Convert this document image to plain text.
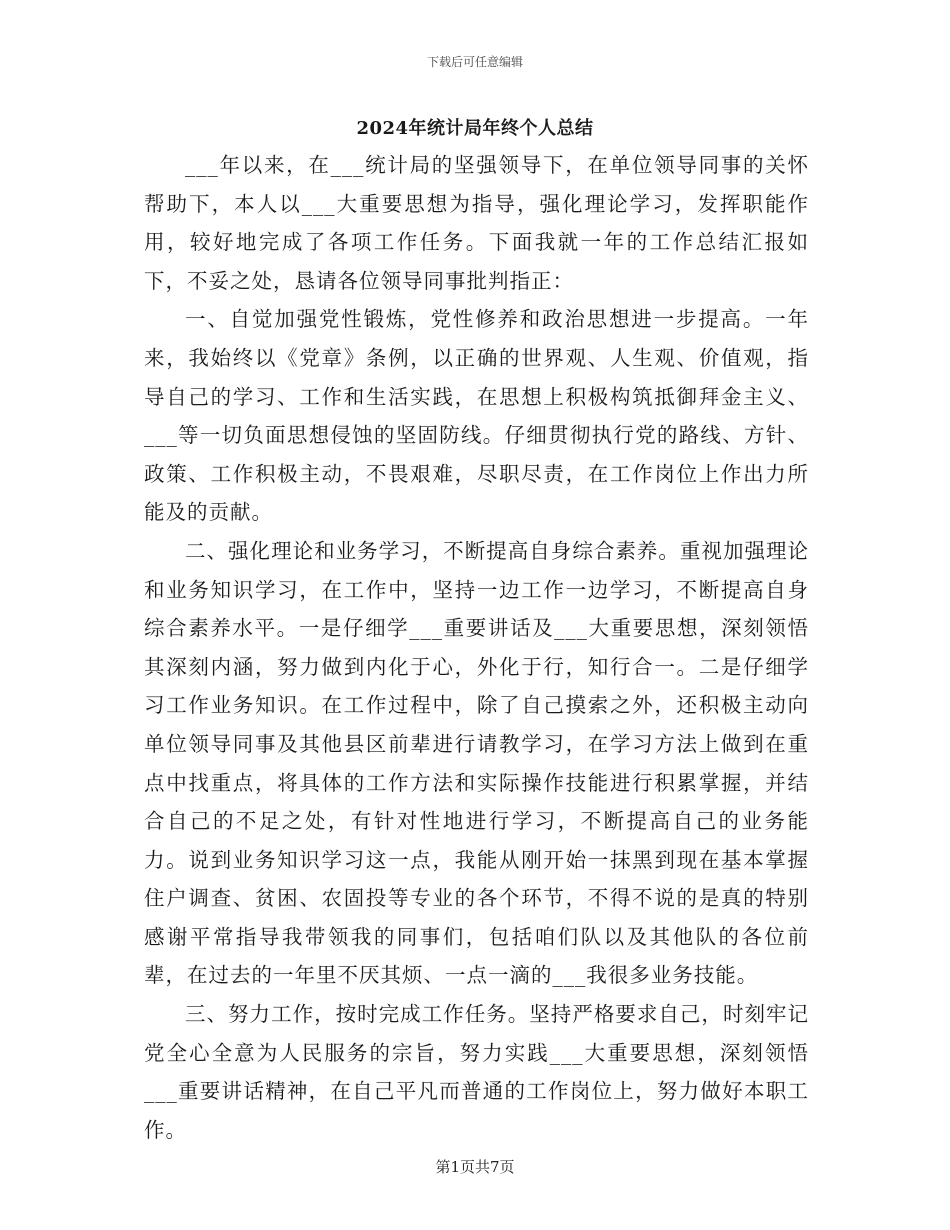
下载后可任意编辑
2024年统计局年终个人总结

___年以来，在___统计局的坚强领导下，在单位领导同事的关怀帮助下，本人以___大重要思想为指导，强化理论学习，发挥职能作用，较好地完成了各项工作任务。下面我就一年的工作总结汇报如下，不妥之处，恳请各位领导同事批判指正：

一、自觉加强党性锻炼，党性修养和政治思想进一步提高。一年来，我始终以《党章》条例，以正确的世界观、人生观、价值观，指导自己的学习、工作和生活实践，在思想上积极构筑抵御拜金主义、___等一切负面思想侵蚀的坚固防线。仔细贯彻执行党的路线、方针、政策、工作积极主动，不畏艰难，尽职尽责，在工作岗位上作出力所能及的贡献。

二、强化理论和业务学习，不断提高自身综合素养。重视加强理论和业务知识学习，在工作中，坚持一边工作一边学习，不断提高自身综合素养水平。一是仔细学___重要讲话及___大重要思想，深刻领悟其深刻内涵，努力做到内化于心，外化于行，知行合一。二是仔细学习工作业务知识。在工作过程中，除了自己摸索之外，还积极主动向单位领导同事及其他县区前辈进行请教学习，在学习方法上做到在重点中找重点，将具体的工作方法和实际操作技能进行积累掌握，并结合自己的不足之处，有针对性地进行学习，不断提高自己的业务能力。说到业务知识学习这一点，我能从刚开始一抹黑到现在基本掌握住户调查、贫困、农固投等专业的各个环节，不得不说的是真的特别感谢平常指导我带领我的同事们，包括咱们队以及其他队的各位前辈，在过去的一年里不厌其烦、一点一滴的___我很多业务技能。

三、努力工作，按时完成工作任务。坚持严格要求自己，时刻牢记党全心全意为人民服务的宗旨，努力实践___大重要思想，深刻领悟___重要讲话精神，在自己平凡而普通的工作岗位上，努力做好本职工作。

第1页共7页
